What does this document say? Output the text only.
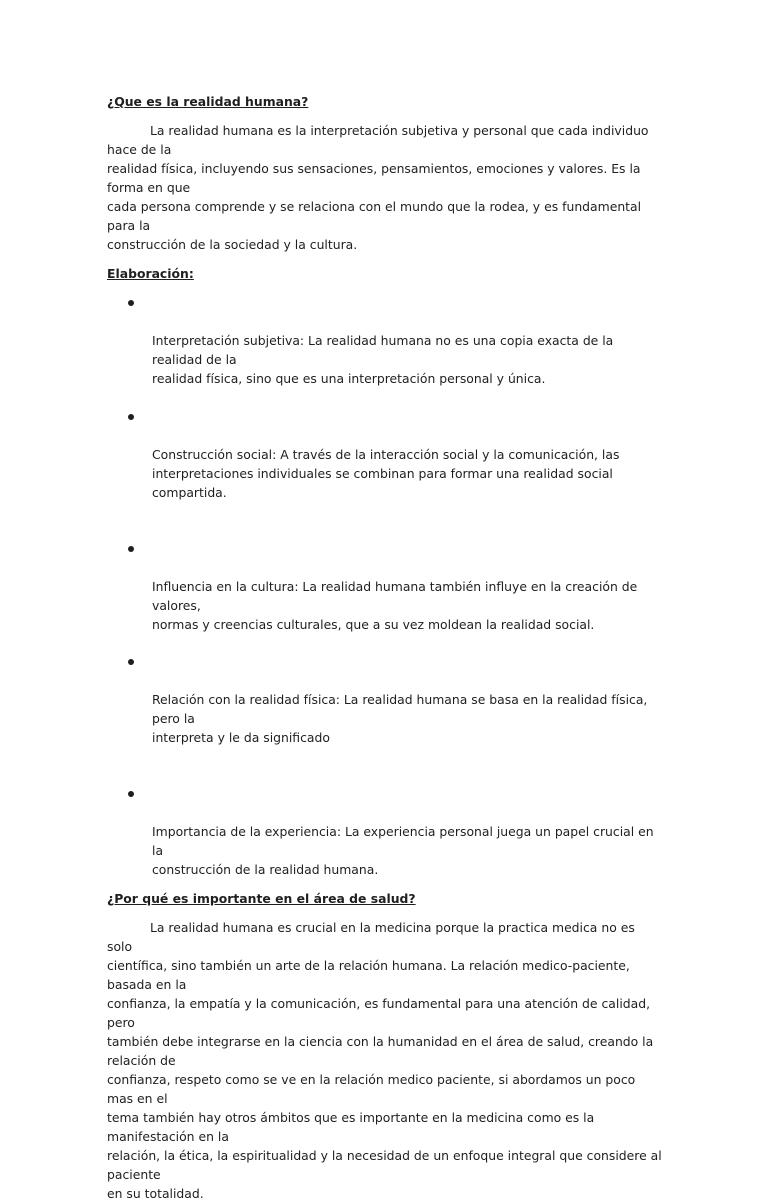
¿Que es la realidad humana?

La realidad humana es la interpretación subjetiva y personal que cada individuo hace de la
realidad física, incluyendo sus sensaciones, pensamientos, emociones y valores. Es la forma en que
cada persona comprende y se relaciona con el mundo que la rodea, y es fundamental para la
construcción de la sociedad y la cultura.

Elaboración:

Interpretación subjetiva: La realidad humana no es una copia exacta de la realidad de la
realidad física, sino que es una interpretación personal y única.

Construcción social: A través de la interacción social y la comunicación, las
interpretaciones individuales se combinan para formar una realidad social compartida.

Influencia en la cultura: La realidad humana también influye en la creación de valores,
normas y creencias culturales, que a su vez moldean la realidad social.

Relación con la realidad física: La realidad humana se basa en la realidad física, pero la
interpreta y le da significado

Importancia de la experiencia: La experiencia personal juega un papel crucial en la
construcción de la realidad humana.

¿Por qué es importante en el área de salud?

La realidad humana es crucial en la medicina porque la practica medica no es solo
científica, sino también un arte de la relación humana. La relación medico-paciente, basada en la
confianza, la empatía y la comunicación, es fundamental para una atención de calidad, pero
también debe integrarse en la ciencia con la humanidad en el área de salud, creando la relación de
confianza, respeto como se ve en la relación medico paciente, si abordamos un poco mas en el
tema también hay otros ámbitos que es importante en la medicina como es la manifestación en la
relación, la ética, la espiritualidad y la necesidad de un enfoque integral que considere al paciente
en su totalidad.
